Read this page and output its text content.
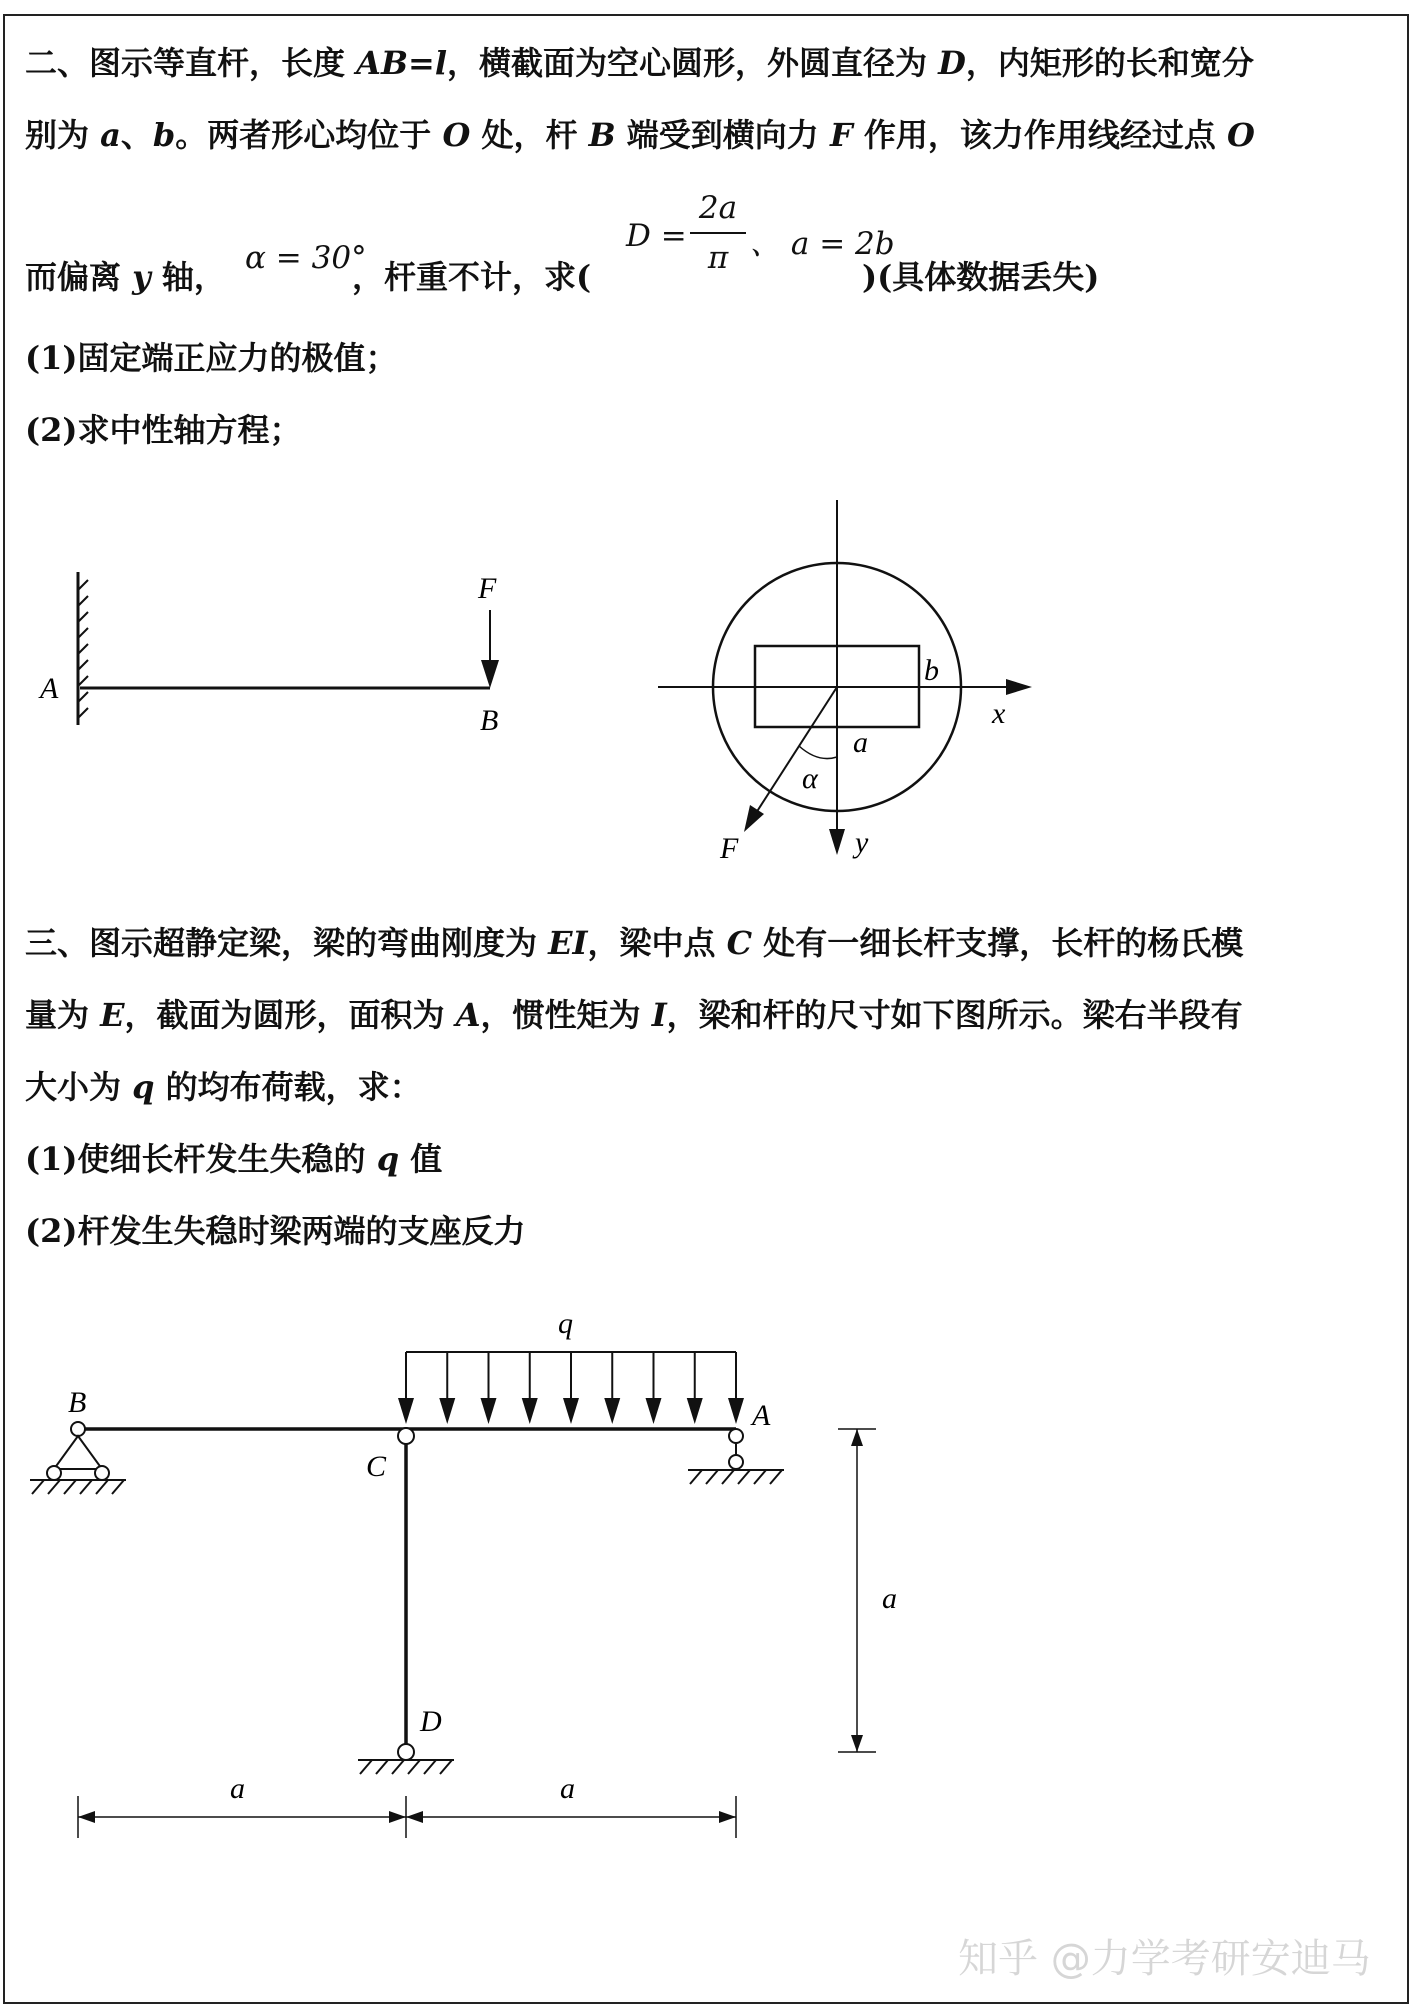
二、图示等直杆，长度 AB=l，横截面为空心圆形，外圆直径为 D，内矩形的长和宽分
别为 a、b。两者形心均位于 O 处，杆 B 端受到横向力 F 作用，该力作用线经过点 O
而偏离 y 轴， α = 30°
，杆重不计，求(
D =
2a
π 、 a = 2b
)(具体数据丢失)
(1)固定端正应力的极值；
(2)求中性轴方程；
A
B
F
b
x
a
α
F	y
三、图示超静定梁，梁的弯曲刚度为 EI，梁中点 C 处有一细长杆支撑，长杆的杨氏模
量为 E，截面为圆形，面积为 A，惯性矩为 I，梁和杆的尺寸如下图所示。梁右半段有
大小为 q 的均布荷载，求：
(1)使细长杆发生失稳的 q 值
(2)杆发生失稳时梁两端的支座反力
q
a
a	a
B	A
C
D
知乎 @力学考研安迪马
